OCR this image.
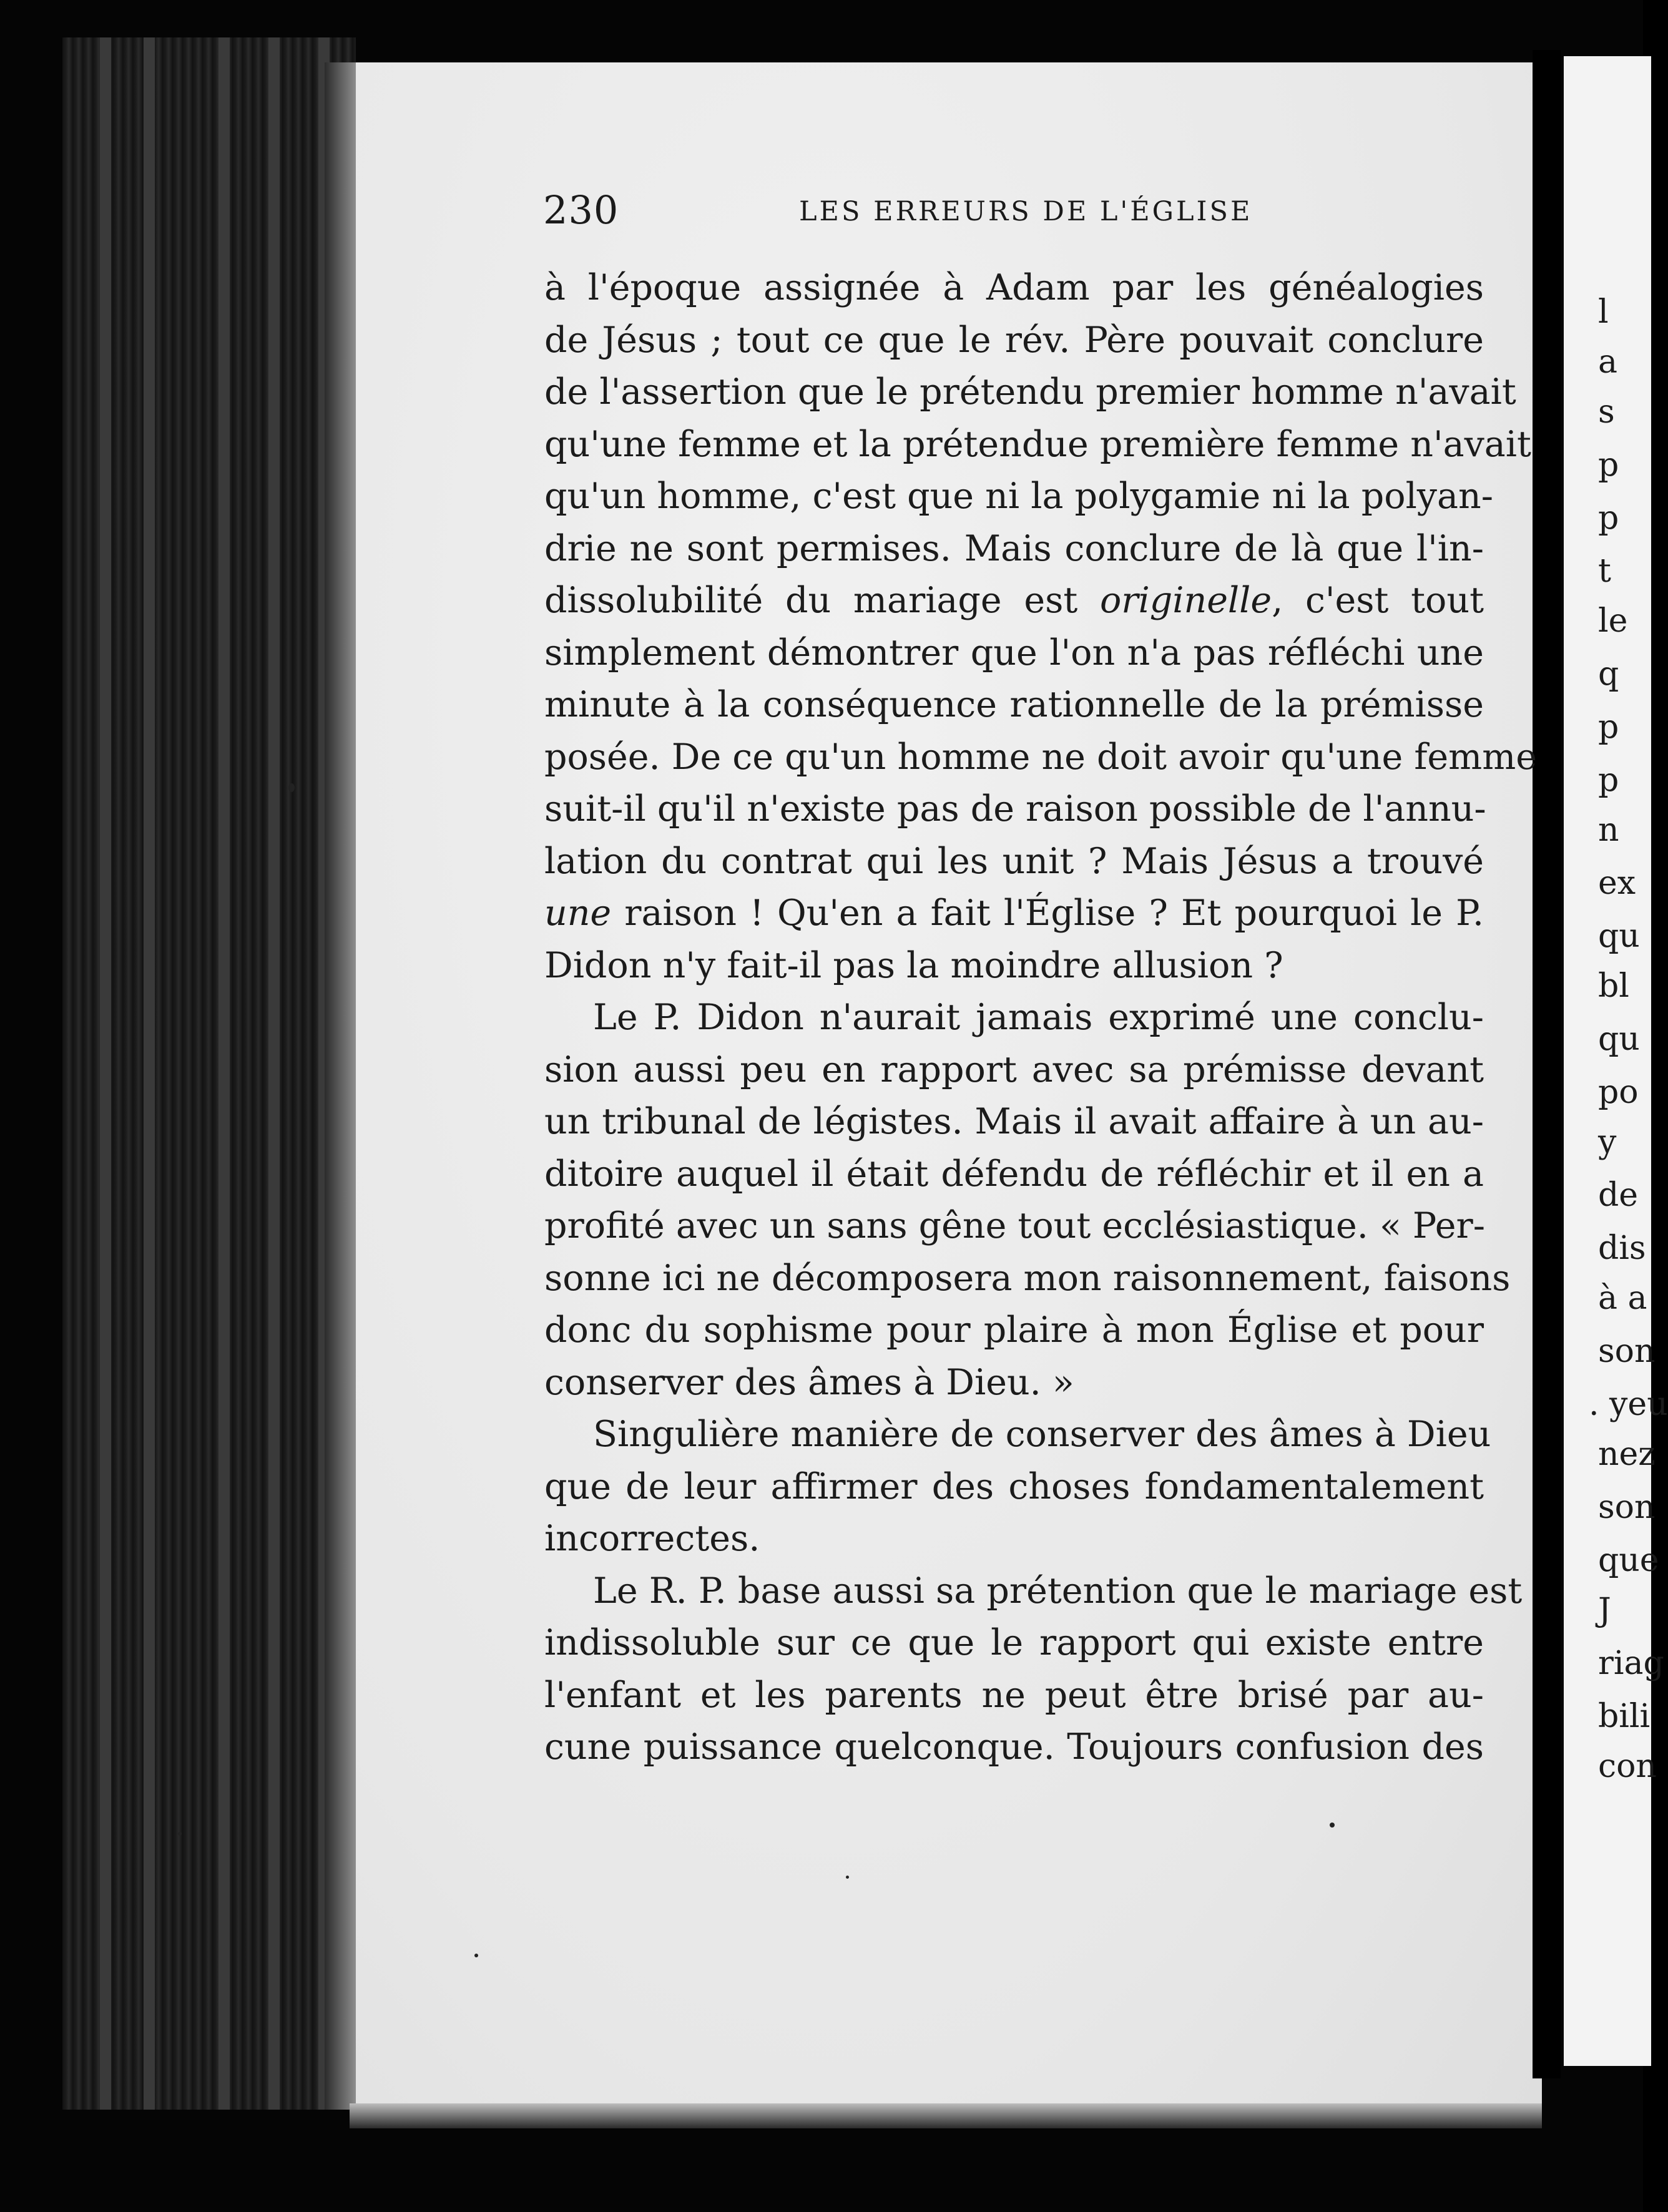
230	LES ERREURS DE L'ÉGLISE
à l'époque assignée à Adam par les généalogies
de Jésus ; tout ce que le rév. Père pouvait conclure
de l'assertion que le prétendu premier homme n'avait
qu'une femme et la prétendue première femme n'avait
qu'un homme, c'est que ni la polygamie ni la polyan-
drie ne sont permises. Mais conclure de là que l'in-
dissolubilité du mariage est originelle, c'est tout
simplement démontrer que l'on n'a pas réfléchi une
minute à la conséquence rationnelle de la prémisse
posée. De ce qu'un homme ne doit avoir qu'une femme
suit-il qu'il n'existe pas de raison possible de l'annu-
lation du contrat qui les unit ? Mais Jésus a trouvé
une raison ! Qu'en a fait l'Église ? Et pourquoi le P.
Didon n'y fait-il pas la moindre allusion ?
Le P. Didon n'aurait jamais exprimé une conclu-
sion aussi peu en rapport avec sa prémisse devant
un tribunal de légistes. Mais il avait affaire à un au-
ditoire auquel il était défendu de réfléchir et il en a
profité avec un sans gêne tout ecclésiastique. « Per-
sonne ici ne décomposera mon raisonnement, faisons
donc du sophisme pour plaire à mon Église et pour
conserver des âmes à Dieu. »
Singulière manière de conserver des âmes à Dieu
que de leur affirmer des choses fondamentalement
incorrectes.
Le R. P. base aussi sa prétention que le mariage est
indissoluble sur ce que le rapport qui existe entre
l'enfant et les parents ne peut être brisé par au-
cune puissance quelconque. Toujours confusion des
l
a
s
p
p
t
le
q
p
p
n
ex
qu
bl
qu
po
y
de
dis
à a
son
. yeu
nez
son
que
J
riag
bili
con
